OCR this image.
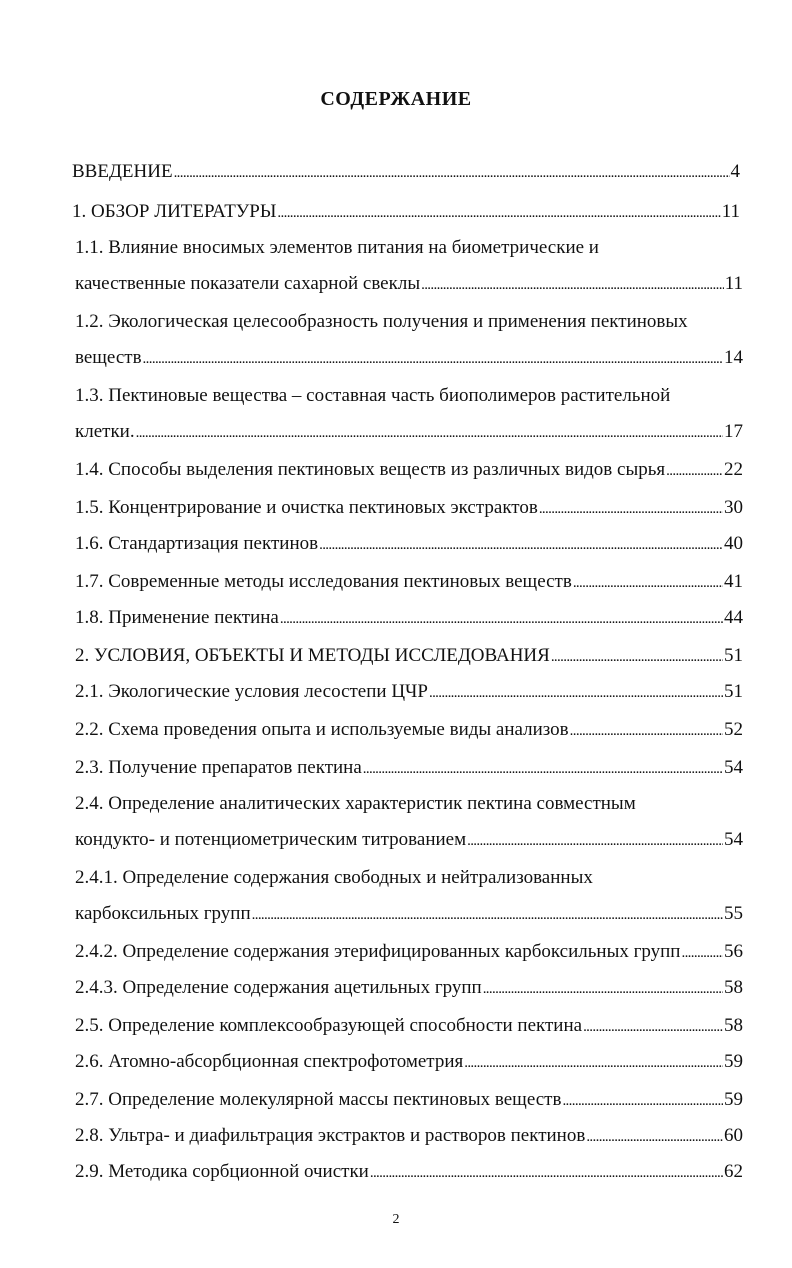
СОДЕРЖАНИЕ
ВВЕДЕНИЕ . . .	4
1. ОБЗОР ЛИТЕРАТУРЫ . . .	11
1.1. Влияние вносимых элементов питания на биометрические и
качественные показатели сахарной свеклы . . .	11
1.2. Экологическая целесообразность получения и применения пектиновых
веществ . . .	14
1.3. Пектиновые вещества – составная часть биополимеров растительной
клетки. . . .	17
1.4. Способы выделения пектиновых веществ из различных видов сырья . . .	22
1.5. Концентрирование и очистка пектиновых экстрактов . . .	30
1.6. Стандартизация пектинов . . .	40
1.7. Современные методы исследования пектиновых веществ . . .	41
1.8. Применение пектина . . .	44
2. УСЛОВИЯ, ОБЪЕКТЫ И МЕТОДЫ ИССЛЕДОВАНИЯ . . .	51
2.1. Экологические условия лесостепи ЦЧР . . .	51
2.2. Схема проведения опыта и используемые виды анализов . . .	52
2.3. Получение препаратов пектина . . .	54
2.4. Определение аналитических характеристик пектина совместным
кондукто- и потенциометрическим титрованием . . .	54
2.4.1. Определение содержания свободных и нейтрализованных
карбоксильных групп . . .	55
2.4.2. Определение содержания этерифицированных карбоксильных групп . . . 56
2.4.3. Определение содержания ацетильных групп . . .	58
2.5. Определение комплексообразующей способности пектина . . .	58
2.6. Атомно-абсорбционная спектрофотометрия . . .	59
2.7. Определение молекулярной массы пектиновых веществ . . .	59
2.8. Ультра- и диафильтрация экстрактов и растворов пектинов . . .	60
2.9. Методика сорбционной очистки . . .	62
2
